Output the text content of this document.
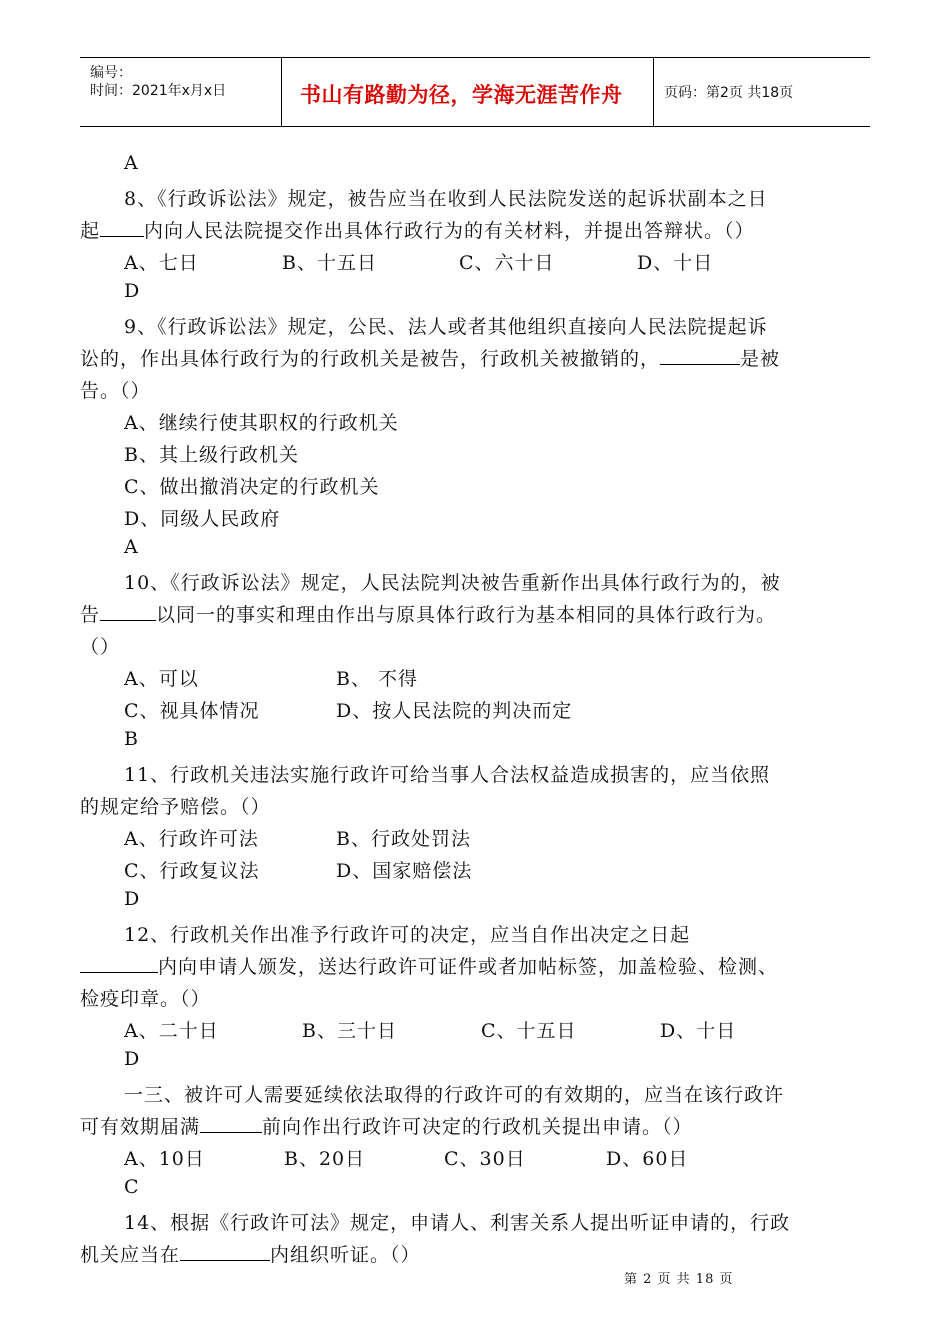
编号：
时间：2021年x月x日	书山有路勤为径，学海无涯苦作舟	页码：第2页 共18页
A
8、《行政诉讼法》规定，被告应当在收到人民法院发送的起诉状副本之日
起 内向人民法院提交作出具体行政行为的有关材料，并提出答辩状。（）
A、七日	B、十五日	C、六十日	D、十日
D
9、《行政诉讼法》规定，公民、法人或者其他组织直接向人民法院提起诉
讼的，作出具体行政行为的行政机关是被告，行政机关被撤销的，	是被
告。（）
A、继续行使其职权的行政机关
B、其上级行政机关
C、做出撤消决定的行政机关
D、同级人民政府
A
10、《行政诉讼法》规定，人民法院判决被告重新作出具体行政行为的，被
告	以同一的事实和理由作出与原具体行政行为基本相同的具体行政行为。
（）
A、可以	B、 不得
C、视具体情况	D、按人民法院的判决而定
B
11、行政机关违法实施行政许可给当事人合法权益造成损害的，应当依照
的规定给予赔偿。（）
A、行政许可法	B、行政处罚法
C、行政复议法	D、国家赔偿法
D
12、行政机关作出准予行政许可的决定，应当自作出决定之日起
内向申请人颁发，送达行政许可证件或者加帖标签，加盖检验、检测、
检疫印章。（）
A、二十日	B、三十日	C、十五日	D、十日
D
一三、被许可人需要延续依法取得的行政许可的有效期的，应当在该行政许
可有效期届满	前向作出行政许可决定的行政机关提出申请。（）
A、10日	B、20日	C、30日	D、60日
C
14、根据《行政许可法》规定，申请人、利害关系人提出听证申请的，行政
机关应当在	内组织听证。（）
第 2 页 共 18 页
